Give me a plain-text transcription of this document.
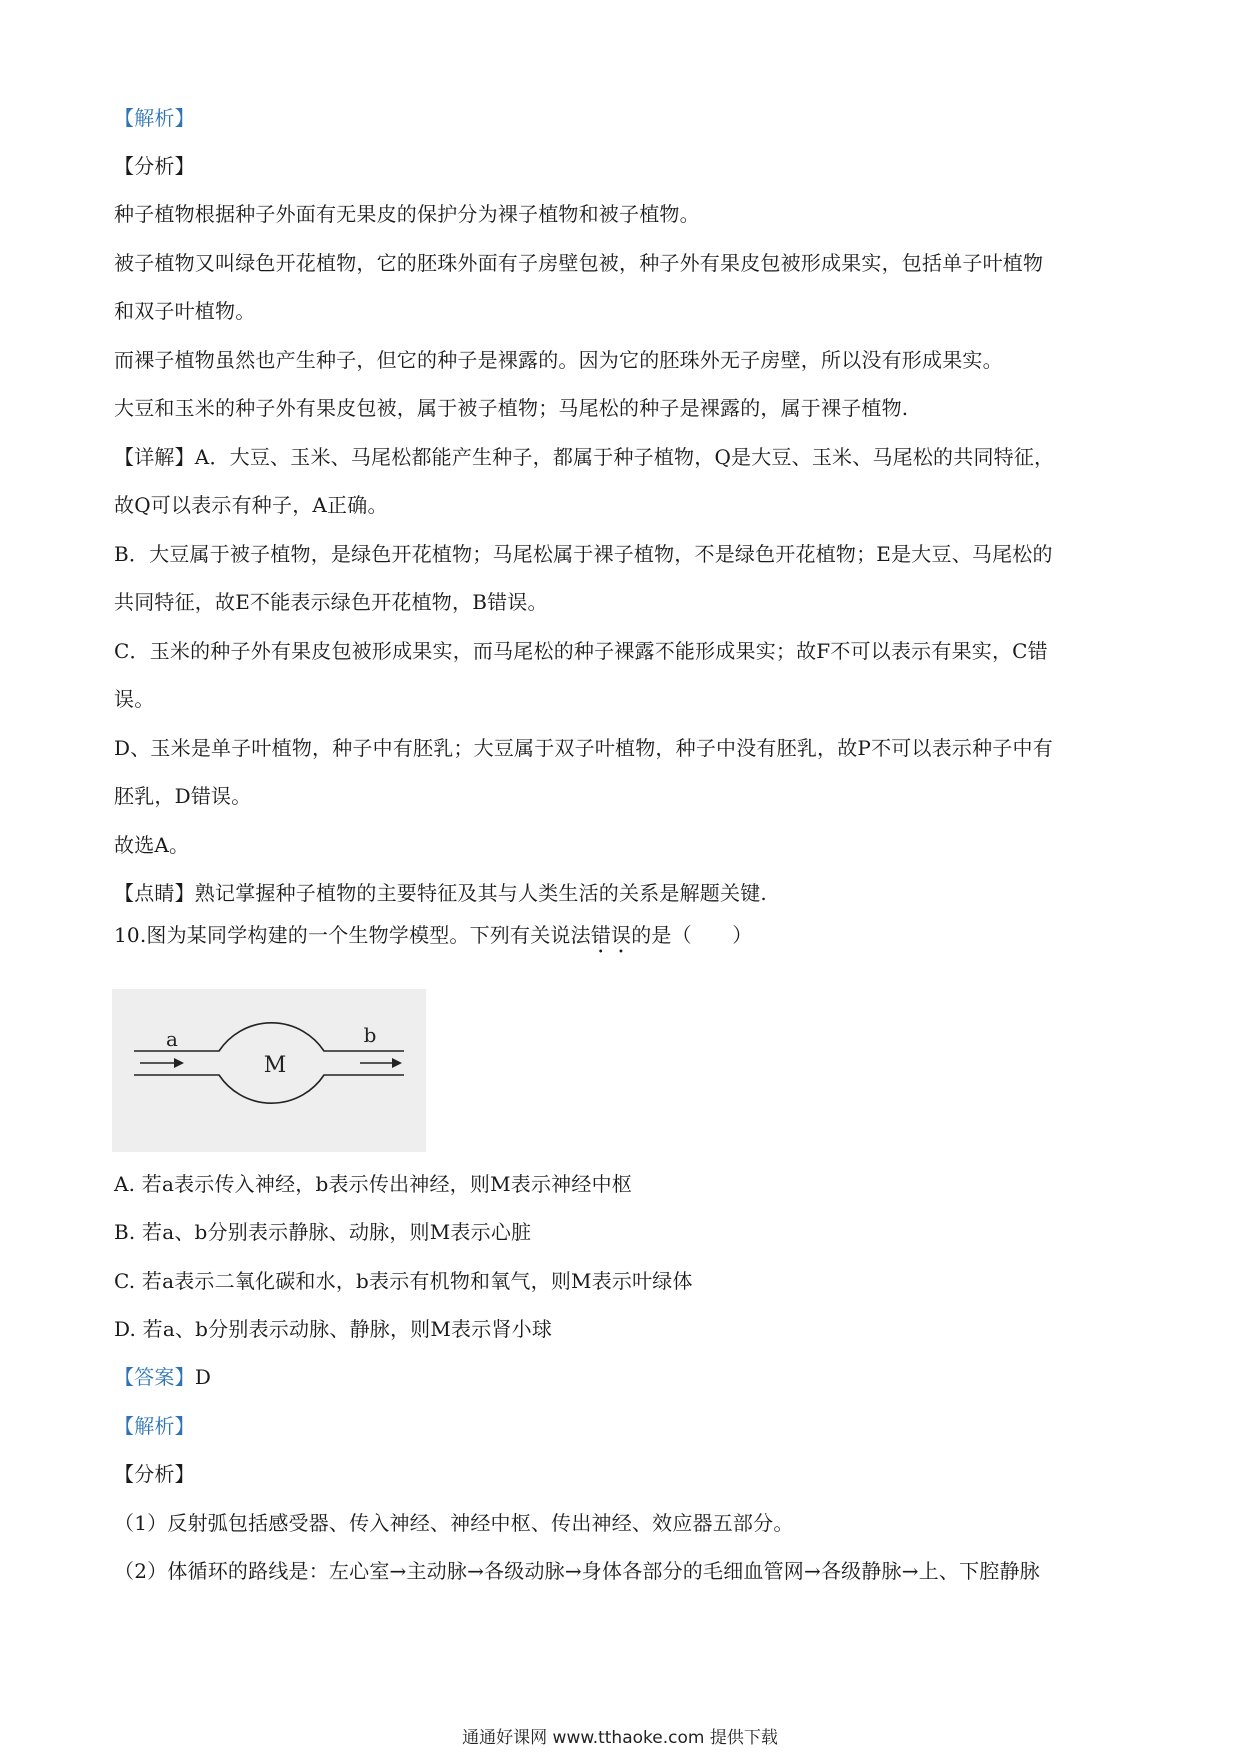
【解析】
【分析】
种子植物根据种子外面有无果皮的保护分为裸子植物和被子植物。
被子植物又叫绿色开花植物，它的胚珠外面有子房壁包被，种子外有果皮包被形成果实，包括单子叶植物
和双子叶植物。
而裸子植物虽然也产生种子，但它的种子是裸露的。因为它的胚珠外无子房壁，所以没有形成果实。
大豆和玉米的种子外有果皮包被，属于被子植物；马尾松的种子是裸露的，属于裸子植物.
【详解】A．大豆、玉米、马尾松都能产生种子，都属于种子植物，Q是大豆、玉米、马尾松的共同特征，
故Q可以表示有种子，A正确。
B．大豆属于被子植物，是绿色开花植物；马尾松属于裸子植物，不是绿色开花植物；E是大豆、马尾松的
共同特征，故E不能表示绿色开花植物，B错误。
C．玉米的种子外有果皮包被形成果实，而马尾松的种子裸露不能形成果实；故F不可以表示有果实，C错
误。
D、玉米是单子叶植物，种子中有胚乳；大豆属于双子叶植物，种子中没有胚乳，故P不可以表示种子中有
胚乳，D错误。
故选A。
【点睛】熟记掌握种子植物的主要特征及其与人类生活的关系是解题关键.
10.图为某同学构建的一个生物学模型。下列有关说法错误的是（　　）
a	b
M
A. 若a表示传入神经，b表示传出神经，则M表示神经中枢
B. 若a、b分别表示静脉、动脉，则M表示心脏
C. 若a表示二氧化碳和水，b表示有机物和氧气，则M表示叶绿体
D. 若a、b分别表示动脉、静脉，则M表示肾小球
【答案】D
【解析】
【分析】
（1）反射弧包括感受器、传入神经、神经中枢、传出神经、效应器五部分。
（2）体循环的路线是：左心室→主动脉→各级动脉→身体各部分的毛细血管网→各级静脉→上、下腔静脉
通通好课网 www.tthaoke.com 提供下载
